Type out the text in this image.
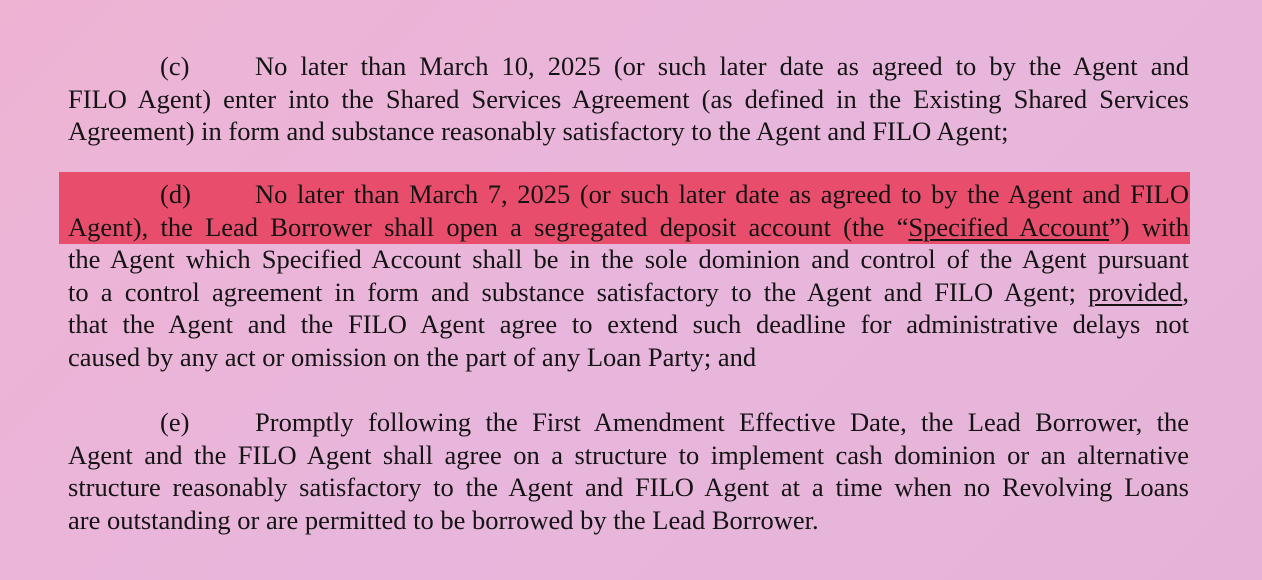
(c)	No later than March 10, 2025 (or such later date as agreed to by the Agent and
FILO Agent) enter into the Shared Services Agreement (as defined in the Existing Shared Services
Agreement) in form and substance reasonably satisfactory to the Agent and FILO Agent;
(d)	No later than March 7, 2025 (or such later date as agreed to by the Agent and FILO
Agent), the Lead Borrower shall open a segregated deposit account (the “Specified Account”) with
the Agent which Specified Account shall be in the sole dominion and control of the Agent pursuant
to a control agreement in form and substance satisfactory to the Agent and FILO Agent; provided,
that the Agent and the FILO Agent agree to extend such deadline for administrative delays not
caused by any act or omission on the part of any Loan Party; and
(e)	Promptly following the First Amendment Effective Date, the Lead Borrower, the
Agent and the FILO Agent shall agree on a structure to implement cash dominion or an alternative
structure reasonably satisfactory to the Agent and FILO Agent at a time when no Revolving Loans
are outstanding or are permitted to be borrowed by the Lead Borrower.
